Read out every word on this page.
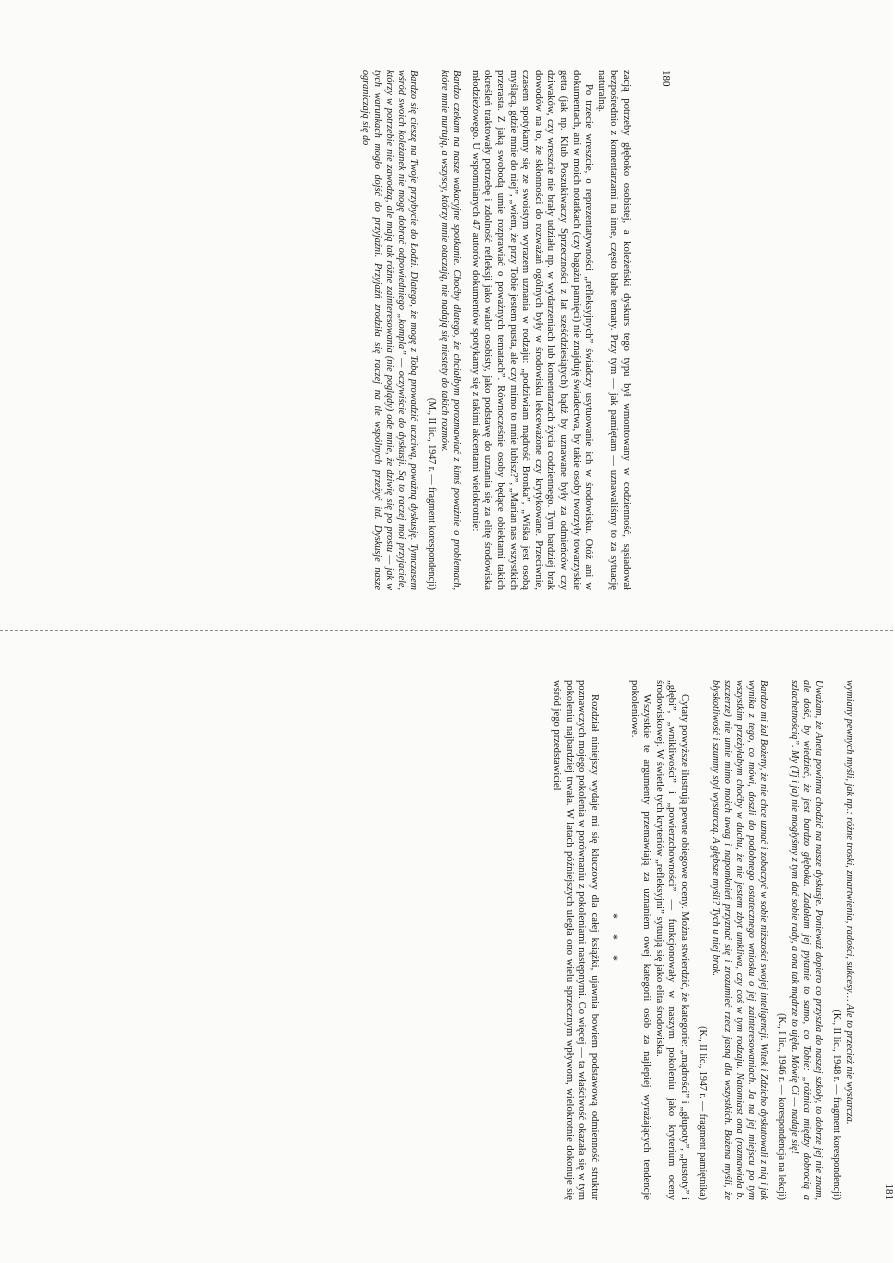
180

zacją potrzeby głęboko osobistej, a koleżeński dyskurs tego typu był wmontowany w codzienność, sąsiadował bezpośrednio z komentarzami na inne, często błahe tematy. Przy tym — jak pamiętam — uznawaliśmy to za sytuację naturalną.

Po trzecie wreszcie, o reprezentatywności „refleksyjnych” świadczy usytuowanie ich w środowisku. Otóż ani w dokumentach, ani w moich notatkach (czy bagażu pamięci) nie znajduję świadectwa, by takie osoby tworzyły towarzyskie getta (jak np. Klub Poszukiwaczy Sprzeczności z lat sześćdziesiątych) bądź by uznawane były za odmieńców czy dziwaków, czy wreszcie nie brały udziału np. w wydarzeniach lub komentarzach życia codziennego. Tym bardziej brak dowodów na to, że skłonności do rozważań ogólnych były w środowisku lekceważone czy krytykowane. Przeciwnie, czasem spotykamy się ze swoistym wyrazem uznania w rodzaju: „podziwiam mądrość Bronka”, „Wiśka jest osobą myślącą, gdzie mnie do niej”, „wiem, że przy Tobie jestem pusta, ale czy mimo to mnie lubisz?”, „Marian nas wszystkich przerasta. Z jaką swobodą umie rozprawiać o poważnych tematach”. Równocześnie osoby będące obiektami takich określeń traktowały potrzebę i zdolność refleksji jako walor osobisty, jako podstawę do uznania się za elitę środowiska młodzieżowego. U wspomnianych 47 autorów dokumentów spotykamy się z takimi akcentami wielokrotnie:

Bardzo czekam na nasze wakacyjne spotkanie. Choćby dlatego, że chciałbym porozmawiać z kimś poważnie o problemach, które mnie nurtują, a wszyscy, którzy mnie otaczają, nie nadają się niestety do takich rozmów.

(M., II lic., 1947 r. — fragment korespondencji)

Bardzo się cieszę na Twoje przybycie do Łodzi. Dlatego, że mogę z Tobą prowadzić uczciwą, poważną dyskusję. Tymczasem wśród swoich koleżanek nie mogę dobrać odpowiedniego „kompla” — oczywiście do dyskusji. Są to raczej moi przyjaciele, którzy w potrzebie nie zawodzą, ale mają tak różne zainteresowania (nie poglądy) ode mnie, że dziwię się po prostu — jak w tych warunkach mogło dojść do przyjaźni. Przyjaźń zrodziła się raczej na tle wspólnych przeżyć itd. Dyskusje nasze ograniczają się do

181

wymiany pewnych myśli, jak np.: różne troski, zmartwienia, radości, sukcesy… Ale to przecież nie wystarcza.

(K., II lic., 1948 r. — fragment korespondencji)

Uważam, że Aneta powinna chodzić na nasze dyskusje. Ponieważ dopiero co przyszła do naszej szkoły, to dobrze jej nie znam, ale dość, by wiedzieć, że jest bardzo głęboka. Zadałam jej pytanie to samo, co Tobie: „różnica między dobrocią a szlachetnością”. My (Tj i ja) nie mogłyśmy z tym dać sobie rady, a ona tak mądrze to ujęła. Mówię Ci — nadaje się!

(K., I lic., 1946 r. — korespondencja na lekcji)

Bardzo mi żal Bożeny, że nie chce uznać i zobaczyć w sobie niższości swojej inteligencji. Witek i Zdzicho dyskutowali z nią i jak wynika z tego, co mówi, doszli do podobnego ostatecznego wniosku o jej zainteresowaniach. Ja na jej miejscu po tym wszystkim przeżyłabym choćby w duchu, że nie jestem zbyt umkliwa, czy coś w tym rodzaju. Natomiast ona (rozmawiała b. szczerze) nie umie mimo moich uwag i napomknień przyznać się i zrozumieć rzecz jasną dla wszystkich. Bożena myśli, że błyskotliwość i szumny styl wystarczą. A głębsze myśli? Tych u niej brak.

(K., II lic., 1947 r. — fragment pamiętnika)

Cytaty powyższe ilustrują pewne obiegowe oceny. Można stwierdzić, że kategorie: „mądrości” i „głupoty”, „pustoty” i „głębi”, „wnikliwości” i „powierzchowności” — funkcjonowały w naszym pokoleniu jako kryterium oceny środowiskowej. W świetle tych kryteriów „refleksyjni” sytuują się jako elita środowiska.

Wszystkie te argumenty przemawiają za uznaniem owej kategorii osób za najlepiej wyrażających tendencje pokoleniowe.

* * *

Rozdział niniejszy wydaje mi się kluczowy dla całej książki, ujawnia bowiem podstawową odmienność struktur poznawczych mojego pokolenia w porównaniu z pokoleniami następnymi. Co więcej — ta właściwość okazała się w tym pokoleniu najbardziej trwała. W latach późniejszych uległa ono wielu sprzecznym wpływom, wielokrotnie dokonuje się wśród jego przedstawiciel
